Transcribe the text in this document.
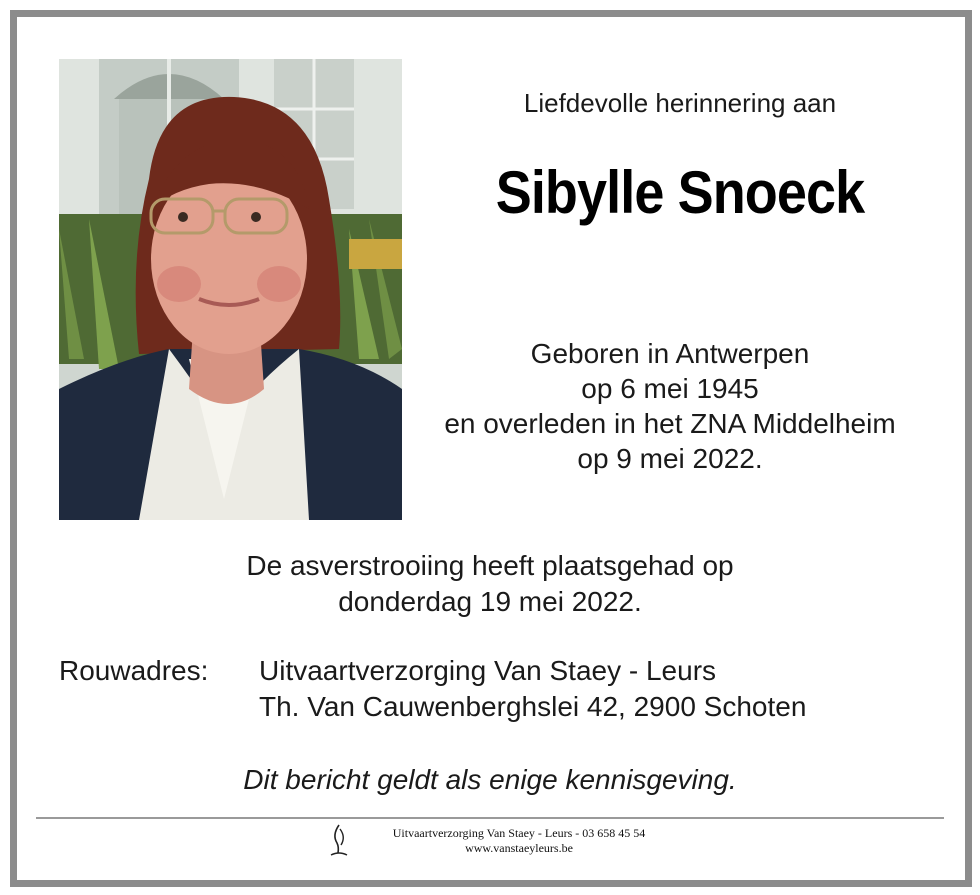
Liefdevolle herinnering aan
Sibylle Snoeck
Geboren in Antwerpen
op 6 mei 1945
en overleden in het ZNA Middelheim
op 9 mei 2022.
De asverstrooiing heeft plaatsgehad op
donderdag 19 mei 2022.
Rouwadres: Uitvaartverzorging Van Staey - Leurs
Th. Van Cauwenberghslei 42, 2900 Schoten
Dit bericht geldt als enige kennisgeving.
Uitvaartverzorging Van Staey - Leurs - 03 658 45 54
www.vanstaeyleurs.be
